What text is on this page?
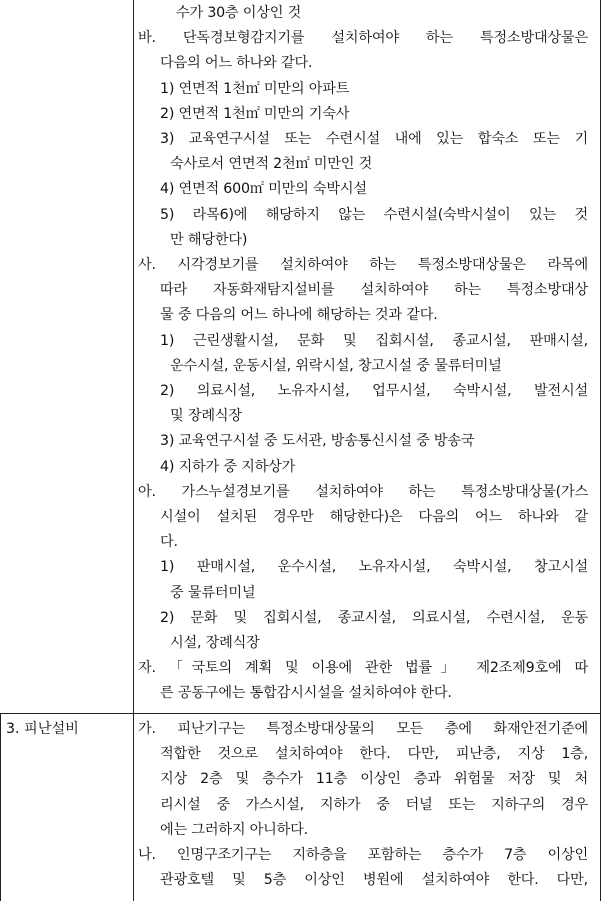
3. 피난설비
수가 30층 이상인 것
바. 단독경보형감지기를 설치하여야 하는 특정소방대상물은
다음의 어느 하나와 같다.
1) 연면적 1천㎡ 미만의 아파트
2) 연면적 1천㎡ 미만의 기숙사
3) 교육연구시설 또는 수련시설 내에 있는 합숙소 또는 기
숙사로서 연면적 2천㎡ 미만인 것
4) 연면적 600㎡ 미만의 숙박시설
5) 라목6)에 해당하지 않는 수련시설(숙박시설이 있는 것
만 해당한다)
사. 시각경보기를 설치하여야 하는 특정소방대상물은 라목에
따라 자동화재탐지설비를 설치하여야 하는 특정소방대상
물 중 다음의 어느 하나에 해당하는 것과 같다.
1) 근린생활시설, 문화 및 집회시설, 종교시설, 판매시설,
운수시설, 운동시설, 위락시설, 창고시설 중 물류터미널
2) 의료시설, 노유자시설, 업무시설, 숙박시설, 발전시설
및 장례식장
3) 교육연구시설 중 도서관, 방송통신시설 중 방송국
4) 지하가 중 지하상가
아. 가스누설경보기를 설치하여야 하는 특정소방대상물(가스
시설이 설치된 경우만 해당한다)은 다음의 어느 하나와 같
다.
1) 판매시설, 운수시설, 노유자시설, 숙박시설, 창고시설
중 물류터미널
2) 문화 및 집회시설, 종교시설, 의료시설, 수련시설, 운동
시설, 장례식장
자. 「국토의 계획 및 이용에 관한 법률」 제2조제9호에 따
른 공동구에는 통합감시시설을 설치하여야 한다.
가. 피난기구는 특정소방대상물의 모든 층에 화재안전기준에
적합한 것으로 설치하여야 한다. 다만, 피난층, 지상 1층,
지상 2층 및 층수가 11층 이상인 층과 위험물 저장 및 처
리시설 중 가스시설, 지하가 중 터널 또는 지하구의 경우
에는 그러하지 아니하다.
나. 인명구조기구는 지하층을 포함하는 층수가 7층 이상인
관광호텔 및 5층 이상인 병원에 설치하여야 한다. 다만,
